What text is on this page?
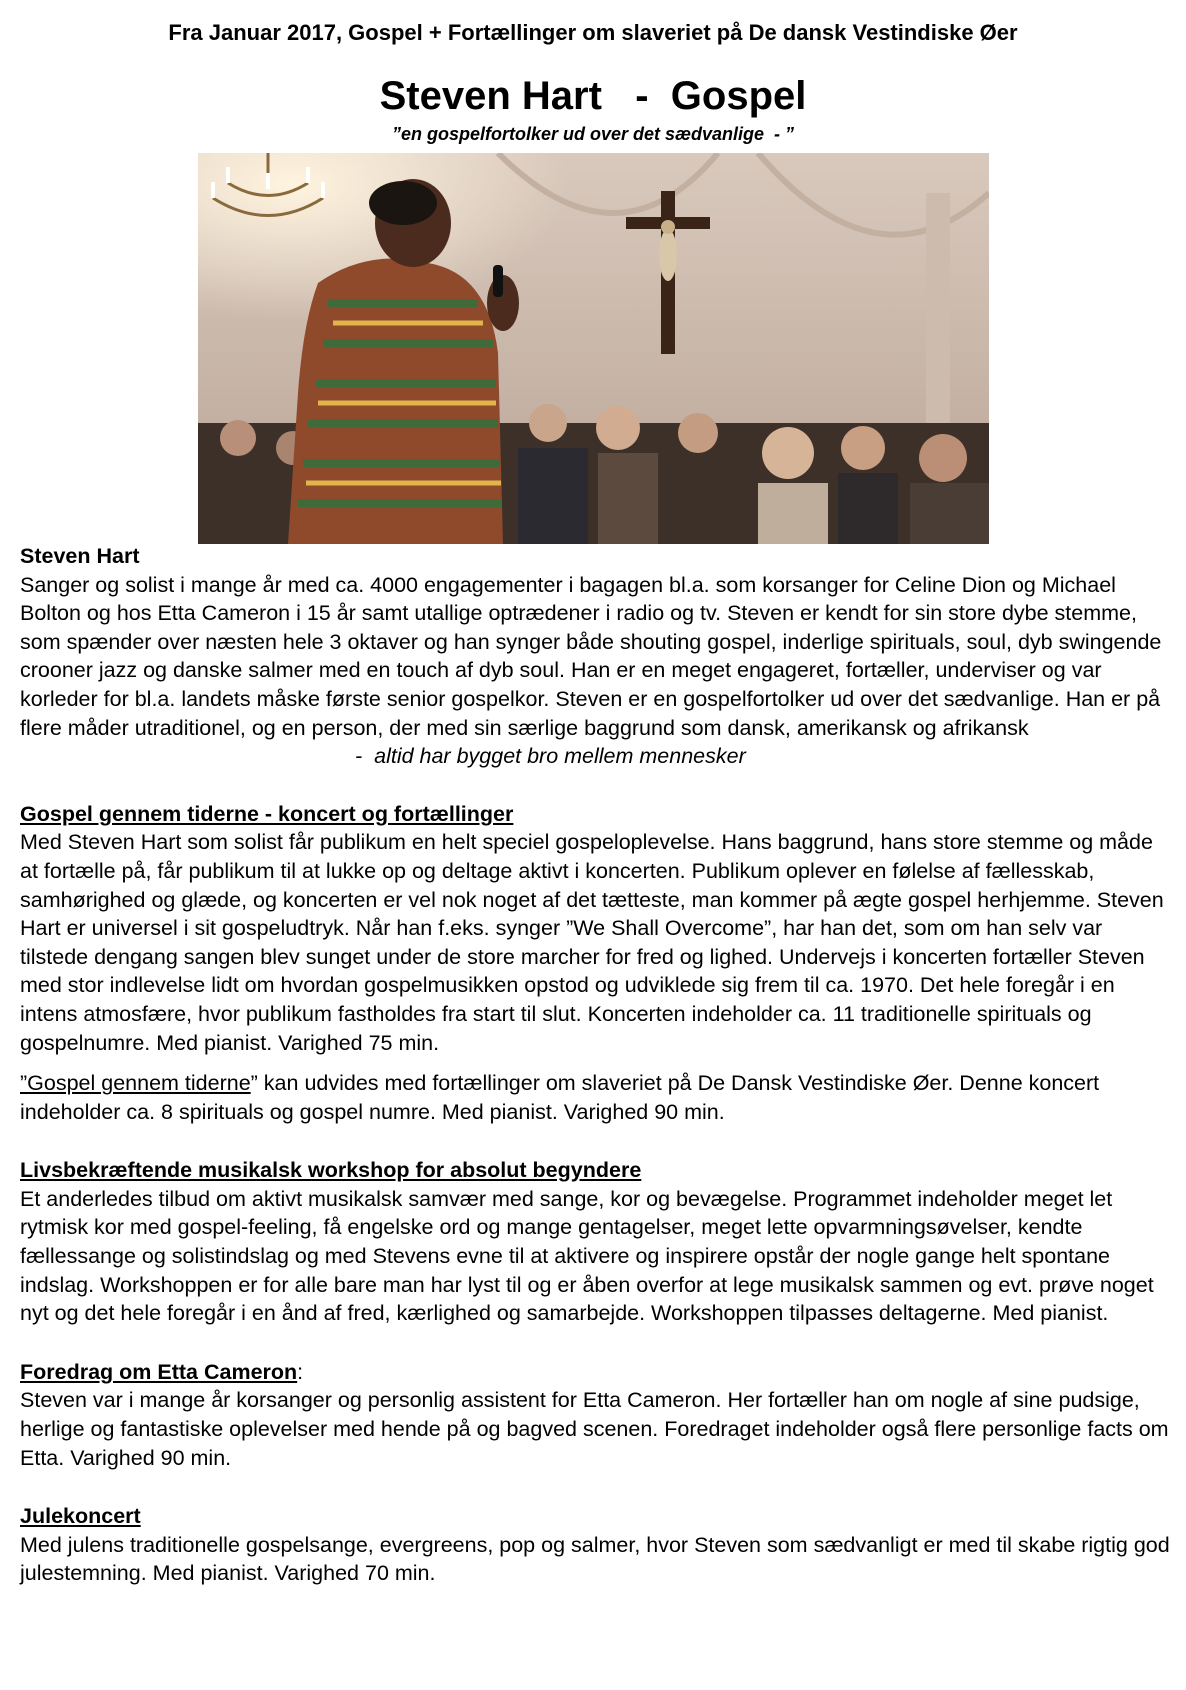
Fra Januar 2017, Gospel + Fortællinger om slaveriet på De dansk Vestindiske Øer
Steven Hart   -  Gospel
”en gospelfortolker ud over det sædvanlige  - ”

Steven Hart

Sanger og solist i mange år med ca. 4000 engagementer i bagagen bl.a. som korsanger for Celine Dion og Michael Bolton og hos Etta Cameron i 15 år samt utallige optrædener i radio og tv. Steven er kendt for sin store dybe stemme, som spænder over næsten hele 3 oktaver og han synger både shouting gospel, inderlige spirituals, soul, dyb swingende crooner jazz og danske salmer med en touch af dyb soul. Han er en meget engageret, fortæller, underviser og var korleder for bl.a. landets måske første senior gospelkor. Steven er en gospelfortolker ud over det sædvanlige. Han er på flere måder utraditionel, og en person, der med sin særlige baggrund som dansk, amerikansk og afrikansk

-  altid har bygget bro mellem mennesker

Gospel gennem tiderne - koncert og fortællinger

Med Steven Hart som solist får publikum en helt speciel gospeloplevelse. Hans baggrund, hans store stemme og måde at fortælle på, får publikum til at lukke op og deltage aktivt i koncerten. Publikum oplever en følelse af fællesskab, samhørighed og glæde, og koncerten er vel nok noget af det tætteste, man kommer på ægte gospel herhjemme. Steven Hart er universel i sit gospeludtryk. Når han f.eks. synger ”We Shall Overcome”, har han det, som om han selv var tilstede dengang sangen blev sunget under de store marcher for fred og lighed. Undervejs i koncerten fortæller Steven med stor indlevelse lidt om hvordan gospelmusikken opstod og udviklede sig frem til ca. 1970. Det hele foregår i en intens atmosfære, hvor publikum fastholdes fra start til slut. Koncerten indeholder ca. 11 traditionelle spirituals og gospelnumre. Med pianist. Varighed 75 min.

”Gospel gennem tiderne” kan udvides med fortællinger om slaveriet på De Dansk Vestindiske Øer. Denne koncert indeholder ca. 8 spirituals og gospel numre. Med pianist. Varighed 90 min.

Livsbekræftende musikalsk workshop for absolut begyndere

Et anderledes tilbud om aktivt musikalsk samvær med sange, kor og bevægelse. Programmet indeholder meget let rytmisk kor med gospel-feeling, få engelske ord og mange gentagelser, meget lette opvarmningsøvelser, kendte fællessange og solistindslag og med Stevens evne til at aktivere og inspirere opstår der nogle gange helt spontane indslag. Workshoppen er for alle bare man har lyst til og er åben overfor at lege musikalsk sammen og evt. prøve noget nyt og det hele foregår i en ånd af fred, kærlighed og samarbejde. Workshoppen tilpasses deltagerne. Med pianist.

Foredrag om Etta Cameron:

Steven var i mange år korsanger og personlig assistent for Etta Cameron. Her fortæller han om nogle af sine pudsige, herlige og fantastiske oplevelser med hende på og bagved scenen. Foredraget indeholder også flere personlige facts om Etta. Varighed 90 min.

Julekoncert

Med julens traditionelle gospelsange, evergreens, pop og salmer, hvor Steven som sædvanligt er med til skabe rigtig god julestemning. Med pianist. Varighed 70 min.
